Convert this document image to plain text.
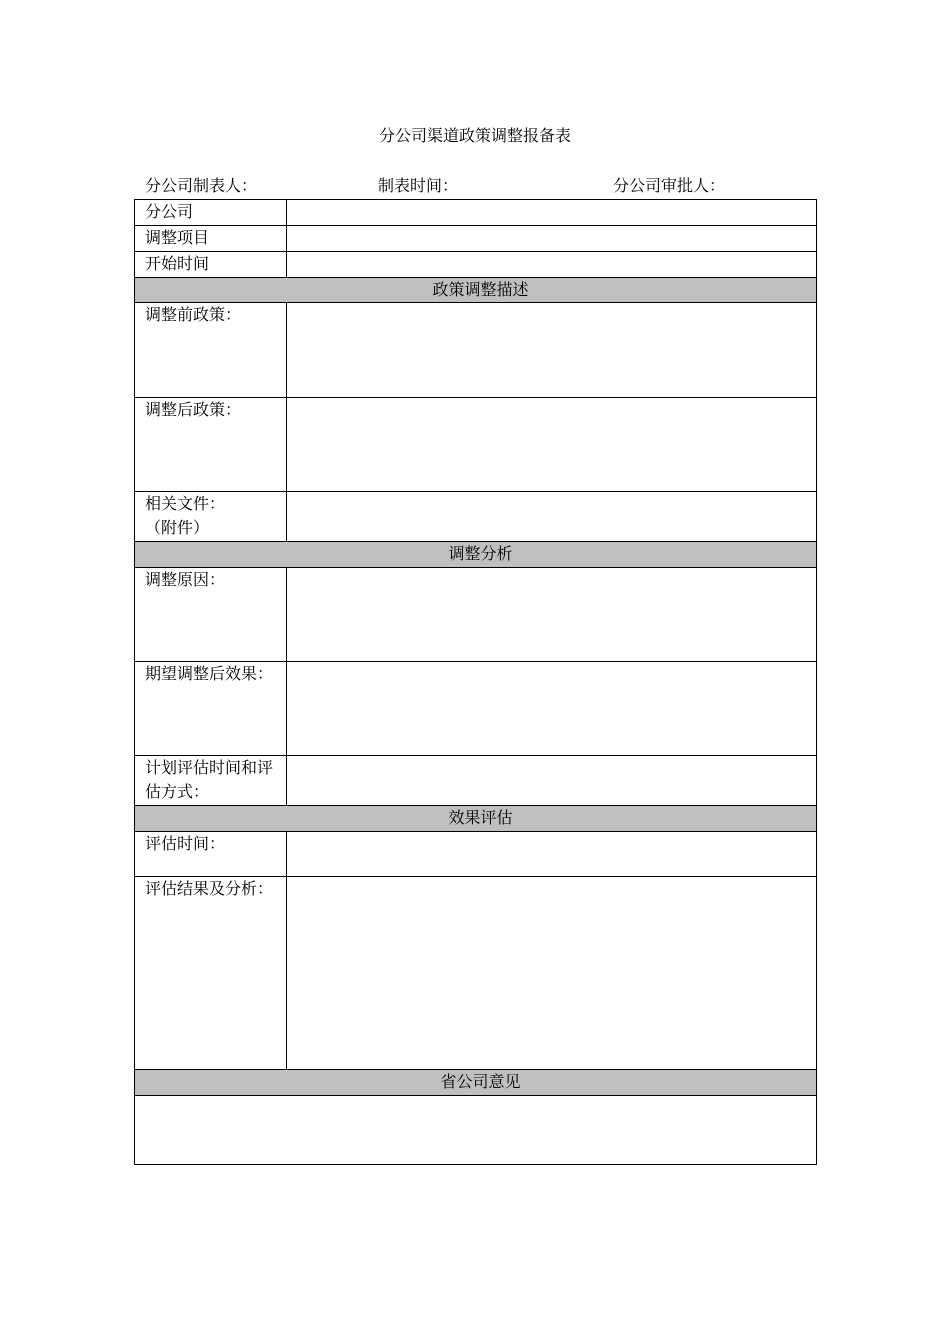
分公司渠道政策调整报备表
分公司制表人：	制表时间：	分公司审批人：
分公司	
调整项目	
开始时间	
政策调整描述	
调整前政策：	
调整后政策：	

相关文件：
（附件）	

调整分析	
调整原因：	
期望调整后效果：	
计划评估时间和评估方式：	
效果评估	
评估时间：	
评估结果及分析：	
省公司意见	
